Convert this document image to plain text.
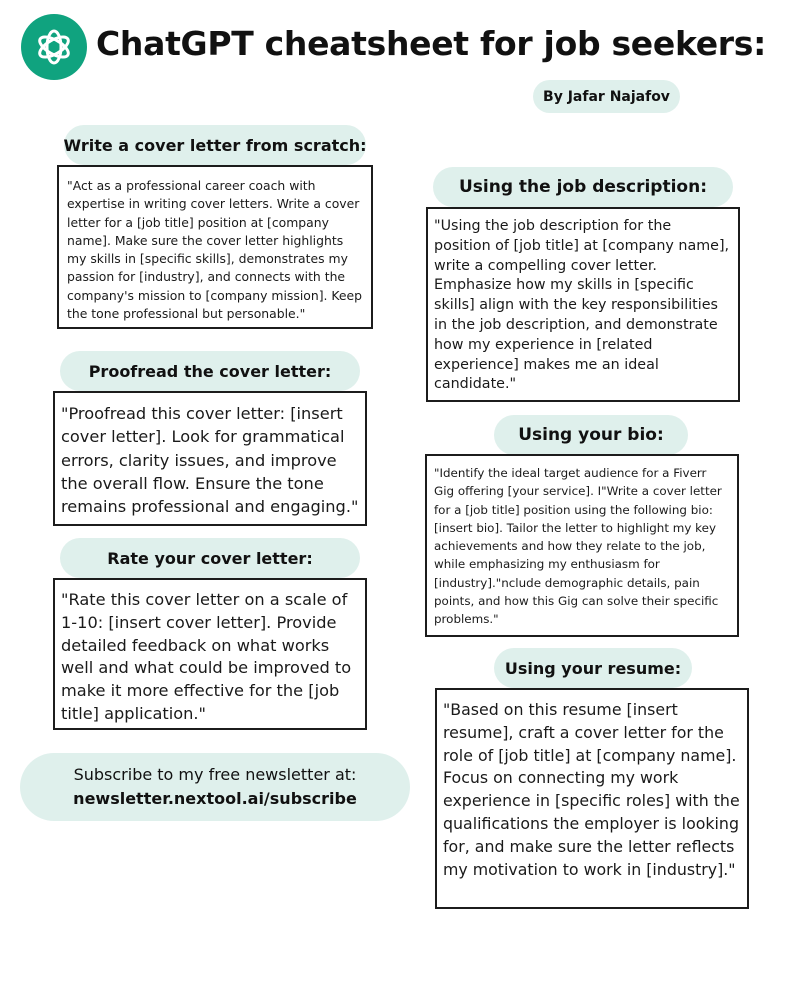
ChatGPT cheatsheet for job seekers:
By Jafar Najafov
Write a cover letter from scratch:
"Act as a professional career coach with expertise in writing cover letters. Write a cover letter for a [job title] position at [company name]. Make sure the cover letter highlights my skills in [specific skills], demonstrates my passion for [industry], and connects with the company's mission to [company mission]. Keep the tone professional but personable."
Proofread the cover letter:
"Proofread this cover letter: [insert cover letter]. Look for grammatical errors, clarity issues, and improve the overall flow. Ensure the tone remains professional and engaging."
Rate your cover letter:
"Rate this cover letter on a scale of 1-10: [insert cover letter]. Provide detailed feedback on what works well and what could be improved to make it more effective for the [job title] application."
Subscribe to my free newsletter at:
newsletter.nextool.ai/subscribe
Using the job description:
"Using the job description for the position of [job title] at [company name], write a compelling cover letter. Emphasize how my skills in [specific skills] align with the key responsibilities in the job description, and demonstrate how my experience in [related experience] makes me an ideal candidate."
Using your bio:
"Identify the ideal target audience for a Fiverr Gig offering [your service]. I"Write a cover letter for a [job title] position using the following bio: [insert bio]. Tailor the letter to highlight my key achievements and how they relate to the job, while emphasizing my enthusiasm for [industry]."nclude demographic details, pain points, and how this Gig can solve their specific problems."
Using your resume:
"Based on this resume [insert resume], craft a cover letter for the role of [job title] at [company name]. Focus on connecting my work experience in [specific roles] with the qualifications the employer is looking for, and make sure the letter reflects my motivation to work in [industry]."
